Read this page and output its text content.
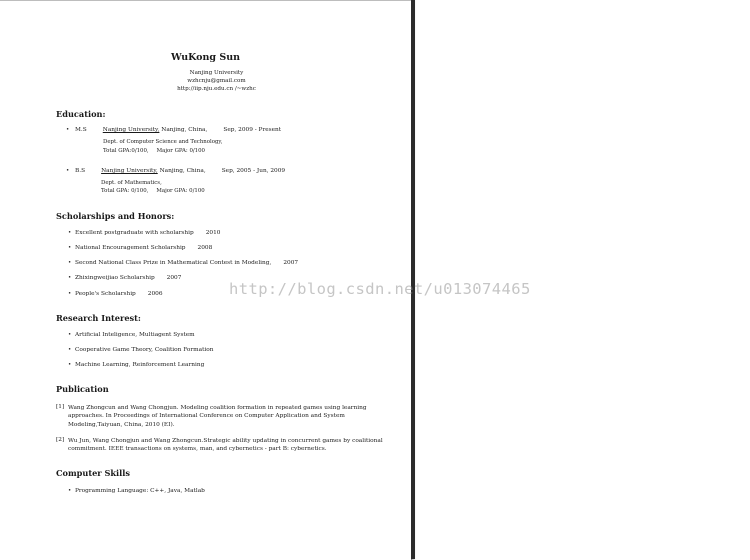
WuKong Sun
Nanjing University
wzhcnju@gmail.com
http://iip.nju.edu.cn /~wzhc
Education:
• M.S	Nanjing University, Nanjing, China,	Sep, 2009 - Present
Dept. of Computer Science and Technology,
Total GPA:0/100, Major GPA: 0/100
• B.S	Nanjing University, Nanjing, China,	Sep, 2005 - Jun, 2009
Dept. of Mathematics,
Total GPA: 0/100, Major GPA: 0/100
Scholarships and Honors:
• Excellent postgraduate with scholarship 2010
• National Encouragement Scholarship 2008
• Second National Class Prize in Mathematical Contest in Modeling, 2007
• Zhixingweijiao Scholarship 2007
• People's Scholarship 2006
Research Interest:
• Artificial Inteligence, Multiagent System
• Cooperative Game Theory, Coalition Formation
• Machine Learning, Reinforcement Learning
Publication
[1] Wang Zhongcun and Wang Chongjun. Modeling coalition formation in repeated games using learning approaches. In Proceedings of International Conference on Computer Application and System Modeling,Taiyuan, China, 2010 (EI).
[2] Wu Jun, Wang Chongjun and Wang Zhongcun.Strategic ability updating in concurrent games by coalitional commitment. IEEE transactions on systems, man, and cybernetics - part B: cybernetics.
Computer Skills
• Programming Language: C++, Java, Matlab
http://blog.csdn.net/u013074465
